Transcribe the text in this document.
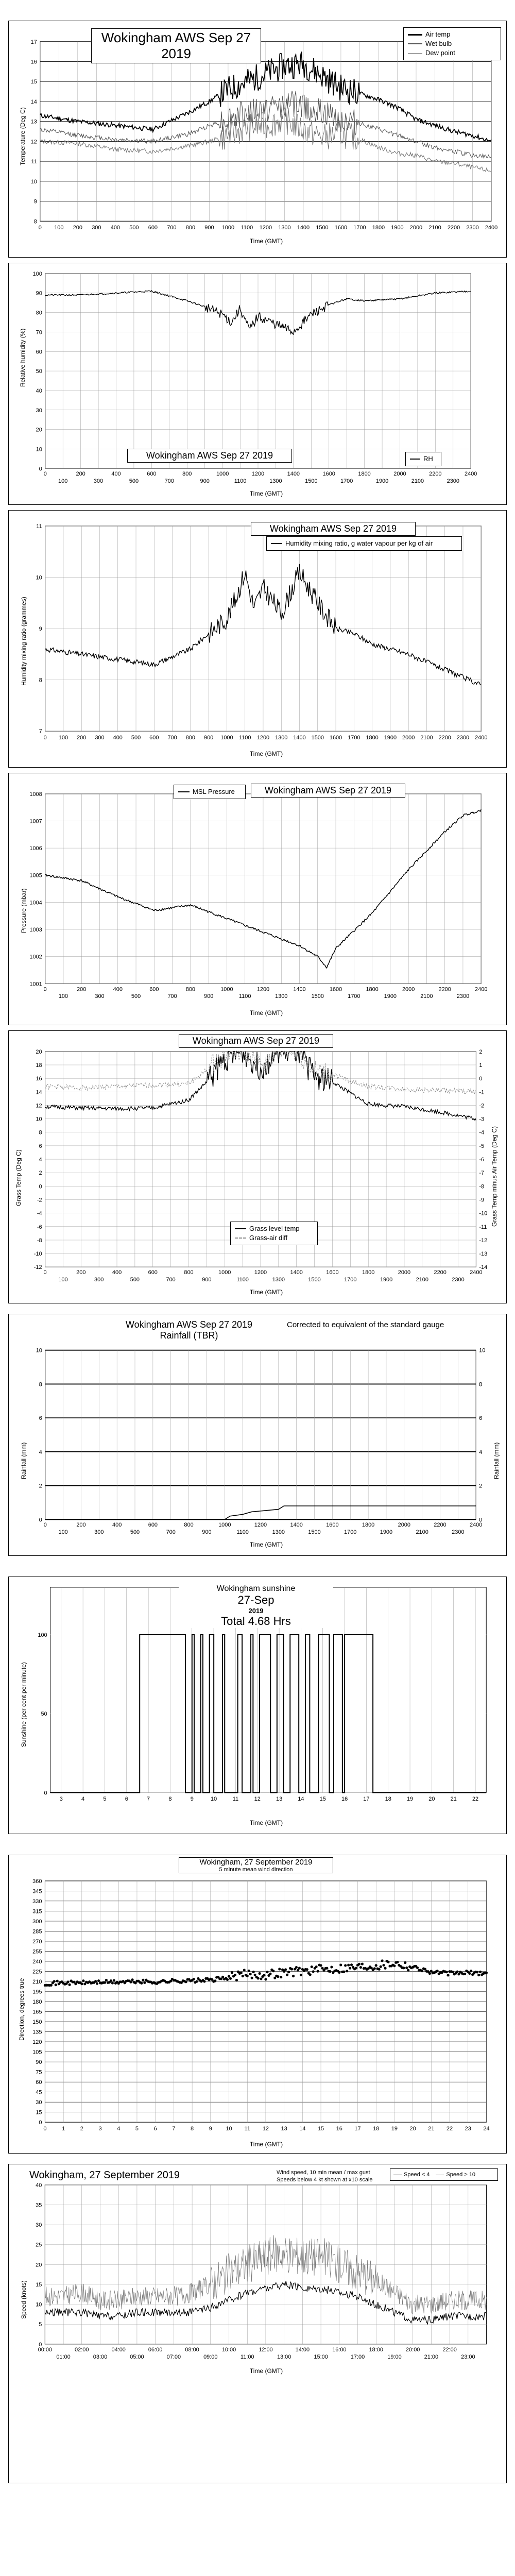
8
9
10
11
12
13
14
15
16
17
0 100 200 300 400 500 600 700 800 900 1000 1100 1200 1300 1400 1500 1600 1700 1800 1900 2000 2100 2200 2300 2400
Wokingham AWS Sep 27 2019
Air temp
Wet bulb
Dew point
Temperature (Deg C)
Time (GMT)
0
10
20
30
40
50
60
70
80
90
100
0	200	400	600	800	1000	1200	1400	1600	1800	2000	2200	2400
100	300	500	700	900	1100	1300	1500	1700	1900	2100	2300
Wokingham AWS Sep 27 2019	RH
Relative humidity (%)
Time (GMT)
7
8
9
10
11
0 100 200 300 400 500 600 700 800 900 1000 1100 1200 1300 1400 1500 1600 1700 1800 1900 2000 2100 2200 2300 2400
Wokingham AWS Sep 27 2019
Humidity mixing ratio, g water vapour per kg of air
Humidity mixing ratio (grammes)
Time (GMT)
1001
1002
1003
1004
1005
1006
1007
1008
0	200	400	600	800	1000	1200	1400	1600	1800	2000	2200	2400
100	300	500	700	900	1100	1300	1500	1700	1900	2100	2300
Wokingham AWS Sep 27 2019
MSL Pressure
Pressure (mbar)
Time (GMT)
-12
-10
-8
-6
-4
-2
0
2
4
6
8
10
12
14
16
18
20
0	200	400	600	800	1000	1200	1400	1600	1800	2000	2200	2400
100	300	500	700	900	1100	1300	1500	1700	1900	2100	2300
-14
-13
-12
-11
-10
-9
-8
-7
-6
-5
-4
-3
-2
-1
0
1
2
Wokingham AWS Sep 27 2019
Grass level temp
Grass-air diff
Grass Temp (Deg C)	Grass Temp minus Air Temp (Deg C)
Time (GMT)
0
2
4
6
8
10
0	200	400	600	800	1000	1200	1400	1600	1800	2000	2200	2400
100	300	500	700	900	1100	1300	1500	1700	1900	2100	2300
0
2
4
6
8
10
Wokingham AWS Sep 27 2019
Rainfall (TBR)
Corrected to equivalent of the standard gauge
Rainfall (mm)	Rainfall (mm)
Time (GMT)
0
50
100
3	4	5	6	7	8	9	10	11	12	13	14	15	16	17	18	19	20	21	22
Wokingham sunshine
27-Sep
2019
Total 4.68 Hrs
Sunshine (per cent per minute)
Time (GMT)
0
15
30
45
60
75
90
105
120
135
150
165
180
195
210
225
240
255
270
285
300
315
330
345
360
0	1	2	3	4	5	6	7	8	9 10 11 12 13 14 15 16 17 18 19 20 21 22 23 24
Wokingham, 27 September 2019
5 minute mean wind direction
Direction, degrees true
Time (GMT)
0
5
10
15
20
25
30
35
40
00:00	02:00	04:00	06:00	08:00	10:00	12:00	14:00	16:00	18:00	20:00	22:00
01:00	03:00	05:00	07:00	09:00	11:00	13:00	15:00	17:00	19:00	21:00	23:00
Wokingham, 27 September 2019	Wind speed, 10 min mean / max gust
Speeds below 4 kt shown at x10 scale
Speed < 4	Speed > 10
Speed (knots)
Time (GMT)
